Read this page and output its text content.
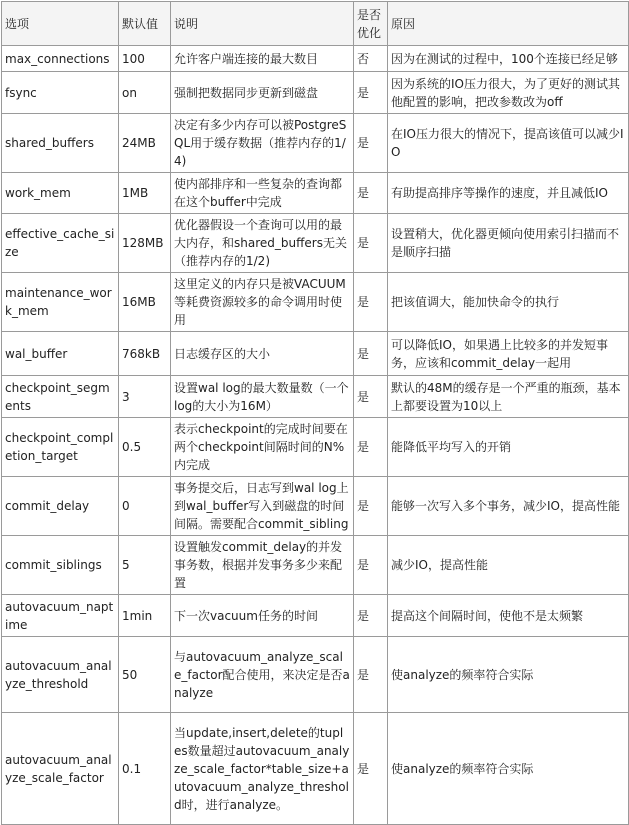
选项	默认值	说明	是否优化	原因
max_connections	100	允许客户端连接的最大数目	否	因为在测试的过程中，100个连接已经足够
fsync	on	强制把数据同步更新到磁盘	是	因为系统的IO压力很大，为了更好的测试其他配置的影响，把改参数改为off
shared_buffers	24MB	决定有多少内存可以被PostgreSQL用于缓存数据（推荐内存的1/4)	是	在IO压力很大的情况下，提高该值可以减少IO
work_mem	1MB	使内部排序和一些复杂的查询都在这个buffer中完成	是	有助提高排序等操作的速度，并且减低IO
effective_cache_size	128MB	优化器假设一个查询可以用的最大内存，和shared_buffers无关（推荐内存的1/2)	是	设置稍大，优化器更倾向使用索引扫描而不是顺序扫描
maintenance_work_mem	16MB	这里定义的内存只是被VACUUM等耗费资源较多的命令调用时使用	是	把该值调大，能加快命令的执行
wal_buffer	768kB	日志缓存区的大小	是	可以降低IO，如果遇上比较多的并发短事务，应该和commit_delay一起用
checkpoint_segments	3	设置wal log的最大数量数（一个log的大小为16M）	是	默认的48M的缓存是一个严重的瓶颈，基本上都要设置为10以上
checkpoint_completion_target	0.5	表示checkpoint的完成时间要在两个checkpoint间隔时间的N%内完成	是	能降低平均写入的开销
commit_delay	0	事务提交后，日志写到wal log上到wal_buffer写入到磁盘的时间间隔。需要配合commit_sibling	是	能够一次写入多个事务，减少IO，提高性能
commit_siblings	5	设置触发commit_delay的并发事务数，根据并发事务多少来配置	是	减少IO，提高性能
autovacuum_naptime	1min	下一次vacuum任务的时间	是	提高这个间隔时间，使他不是太频繁
autovacuum_analyze_threshold	50	与autovacuum_analyze_scale_factor配合使用，来决定是否analyze	是	使analyze的频率符合实际
autovacuum_analyze_scale_factor	0.1	当update,insert,delete的tuples数量超过autovacuum_analyze_scale_factor*table_size+autovacuum_analyze_threshold时，进行analyze。	是	使analyze的频率符合实际
